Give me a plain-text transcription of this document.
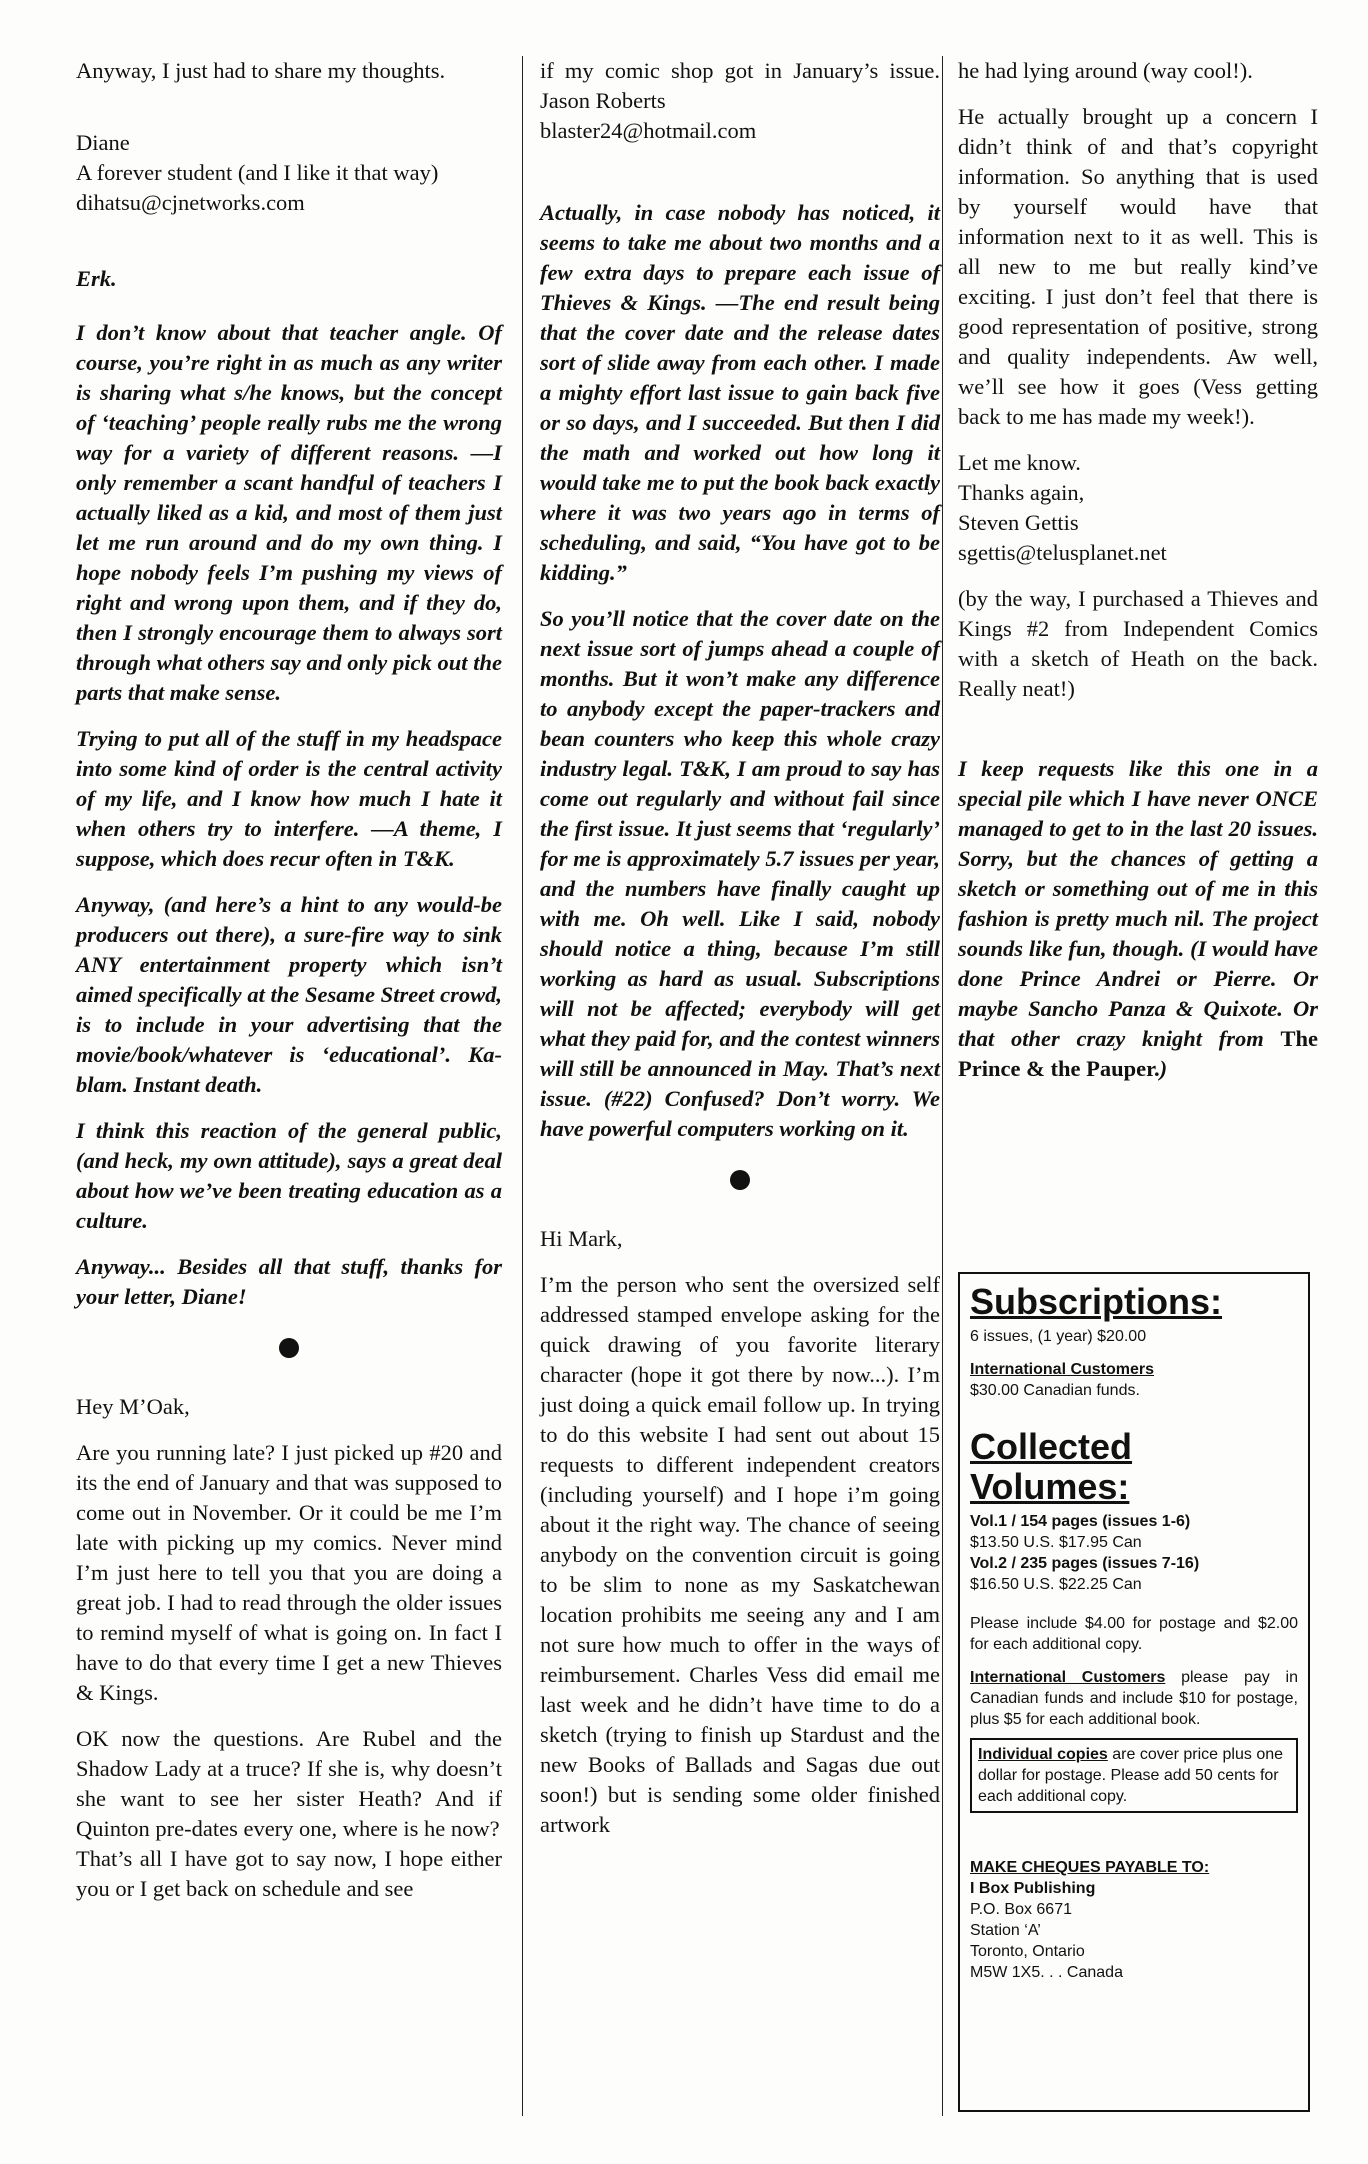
Anyway, I just had to share my thoughts.

Diane

A forever student (and I like it that way)

dihatsu@cjnetworks.com

Erk.

I don’t know about that teacher angle. Of course, you’re right in as much as any writer is sharing what s/he knows, but the concept of ‘teaching’ people really rubs me the wrong way for a variety of different reasons. —I only remember a scant handful of teachers I actually liked as a kid, and most of them just let me run around and do my own thing. I hope nobody feels I’m pushing my views of right and wrong upon them, and if they do, then I strongly encourage them to always sort through what others say and only pick out the parts that make sense.

Trying to put all of the stuff in my headspace into some kind of order is the central activity of my life, and I know how much I hate it when others try to interfere. —A theme, I suppose, which does recur often in T&K.

Anyway, (and here’s a hint to any would-be producers out there), a sure-fire way to sink ANY entertainment property which isn’t aimed specifically at the Sesame Street crowd, is to include in your advertising that the movie/book/whatever is ‘educational’. Ka-blam. Instant death.

I think this reaction of the general public, (and heck, my own attitude), says a great deal about how we’ve been treating education as a culture.

Anyway... Besides all that stuff, thanks for your letter, Diane!

Hey M’Oak,

Are you running late? I just picked up #20 and its the end of January and that was supposed to come out in November. Or it could be me I’m late with picking up my comics. Never mind I’m just here to tell you that you are doing a great job. I had to read through the older issues to remind myself of what is going on. In fact I have to do that every time I get a new Thieves & Kings.

OK now the questions. Are Rubel and the Shadow Lady at a truce? If she is, why doesn’t she want to see her sister Heath? And if Quinton pre-dates every one, where is he now?

That’s all I have got to say now, I hope either you or I get back on schedule and see

if my comic shop got in January’s issue. Jason Roberts

blaster24@hotmail.com

Actually, in case nobody has noticed, it seems to take me about two months and a few extra days to prepare each issue of Thieves & Kings. —The end result being that the cover date and the release dates sort of slide away from each other. I made a mighty effort last issue to gain back five or so days, and I succeeded. But then I did the math and worked out how long it would take me to put the book back exactly where it was two years ago in terms of scheduling, and said, “You have got to be kidding.”

So you’ll notice that the cover date on the next issue sort of jumps ahead a couple of months. But it won’t make any difference to anybody except the paper-trackers and bean counters who keep this whole crazy industry legal. T&K, I am proud to say has come out regularly and without fail since the first issue. It just seems that ‘regularly’ for me is approximately 5.7 issues per year, and the numbers have finally caught up with me. Oh well. Like I said, nobody should notice a thing, because I’m still working as hard as usual. Subscriptions will not be affected; everybody will get what they paid for, and the contest winners will still be announced in May. That’s next issue. (#22) Confused? Don’t worry. We have powerful computers working on it.

Hi Mark,

I’m the person who sent the oversized self addressed stamped envelope asking for the quick drawing of you favorite literary character (hope it got there by now...). I’m just doing a quick email follow up. In trying to do this website I had sent out about 15 requests to different independent creators (including yourself) and I hope i’m going about it the right way. The chance of seeing anybody on the convention circuit is going to be slim to none as my Saskatchewan location prohibits me seeing any and I am not sure how much to offer in the ways of reimbursement. Charles Vess did email me last week and he didn’t have time to do a sketch (trying to finish up Stardust and the new Books of Ballads and Sagas due out soon!) but is sending some older finished artwork

he had lying around (way cool!).

He actually brought up a concern I didn’t think of and that’s copyright information. So anything that is used by yourself would have that information next to it as well. This is all new to me but really kind’ve exciting. I just don’t feel that there is good representation of positive, strong and quality independents. Aw well, we’ll see how it goes (Vess getting back to me has made my week!).

Let me know.

Thanks again,

Steven Gettis

sgettis@telusplanet.net

(by the way, I purchased a Thieves and Kings #2 from Independent Comics with a sketch of Heath on the back. Really neat!)

I keep requests like this one in a special pile which I have never ONCE managed to get to in the last 20 issues. Sorry, but the chances of getting a sketch or something out of me in this fashion is pretty much nil. The project sounds like fun, though. (I would have done Prince Andrei or Pierre. Or maybe Sancho Panza & Quixote. Or that other crazy knight from The Prince & the Pauper.)

Subscriptions:

6 issues, (1 year) $20.00

International Customers

$30.00 Canadian funds.

Collected Volumes:

Vol.1 / 154 pages (issues 1-6)

$13.50 U.S. $17.95 Can

Vol.2 / 235 pages (issues 7-16)

$16.50 U.S. $22.25 Can

Please include $4.00 for postage and $2.00 for each additional copy.

International Customers please pay in Canadian funds and include $10 for postage, plus $5 for each additional book.

Individual copies are cover price plus one dollar for postage. Please add 50 cents for each additional copy.

MAKE CHEQUES PAYABLE TO:

I Box Publishing

P.O. Box 6671

Station ‘A’

Toronto, Ontario

M5W 1X5. . . Canada
